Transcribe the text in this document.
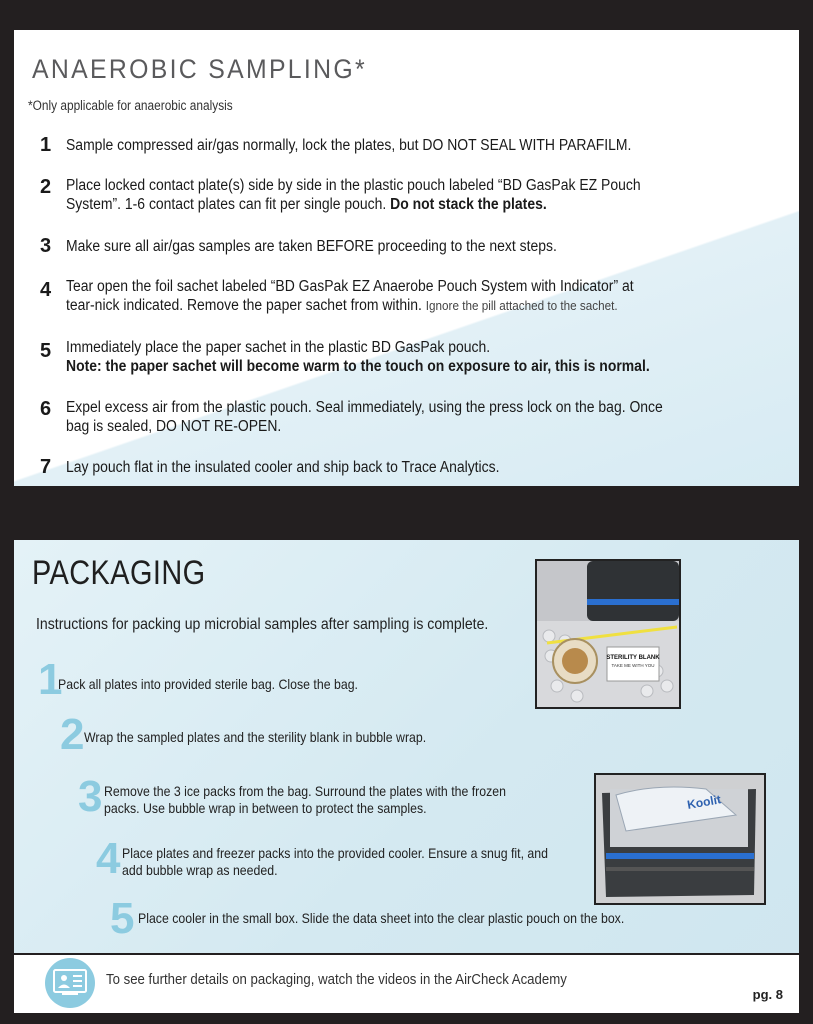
ANAEROBIC SAMPLING*
*Only applicable for anaerobic analysis
1 Sample compressed air/gas normally, lock the plates, but DO NOT SEAL WITH PARAFILM.
2 Place locked contact plate(s) side by side in the plastic pouch labeled “BD GasPak EZ Pouch
System”. 1-6 contact plates can fit per single pouch. Do not stack the plates.
3 Make sure all air/gas samples are taken BEFORE proceeding to the next steps.
4 Tear open the foil sachet labeled “BD GasPak EZ Anaerobe Pouch System with Indicator” at
tear-nick indicated. Remove the paper sachet from within. Ignore the pill attached to the sachet.
5 Immediately place the paper sachet in the plastic BD GasPak pouch.
Note: the paper sachet will become warm to the touch on exposure to air, this is normal.
6 Expel excess air from the plastic pouch. Seal immediately, using the press lock on the bag. Once
bag is sealed, DO NOT RE-OPEN.
7 Lay pouch flat in the insulated cooler and ship back to Trace Analytics.
PACKAGING
Instructions for packing up microbial samples after sampling is complete.
STERILITY BLANK
TAKE ME WITH YOU
Koolit
1
Pack all plates into provided sterile bag. Close the bag.
2 Wrap the sampled plates and the sterility blank in bubble wrap.
3 Remove the 3 ice packs from the bag. Surround the plates with the frozen
packs. Use bubble wrap in between to protect the samples.
4 Place plates and freezer packs into the provided cooler. Ensure a snug fit, and
add bubble wrap as needed.
5 Place cooler in the small box. Slide the data sheet into the clear plastic pouch on the box.
To see further details on packaging, watch the videos in the AirCheck Academy
pg. 8
